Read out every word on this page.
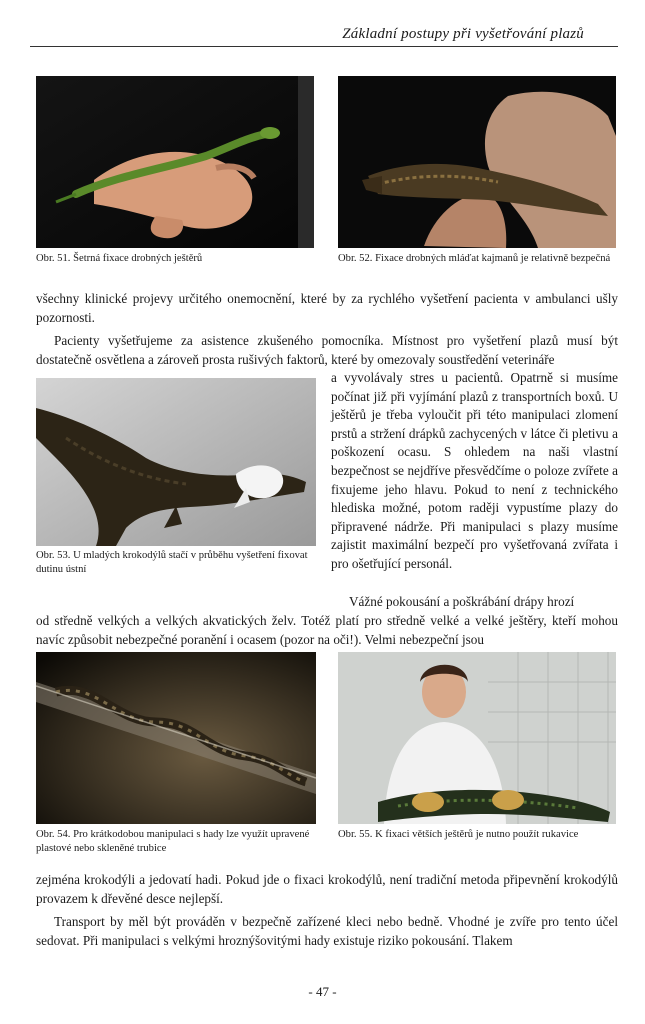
Základní postupy při vyšetřování plazů
Obr. 51. Šetrná fixace drobných ještěrů	Obr. 52. Fixace drobných mláďat kajmanů je relativně bezpečná

všechny klinické projevy určitého onemocnění, které by za rychlého vyšetření pacienta v ambulanci ušly pozornosti.

Pacienty vyšetřujeme za asistence zkušeného pomocníka. Místnost pro vyšetření plazů musí být dostatečně osvětlena a zároveň prosta rušivých faktorů, které by omezovaly soustředění veterináře

Obr. 53. U mladých krokodýlů stačí v průběhu vyšetření fixovat dutinu ústní

a vyvolávaly stres u pacientů. Opatrně si musíme počínat již při vyjímání plazů z transportních boxů. U ještěrů je třeba vyloučit při této manipulaci zlomení prstů a stržení drápků zachycených v látce či pletivu a poškození ocasu. S ohledem na naši vlastní bezpečnost se nejdříve přesvědčíme o poloze zvířete a fixujeme jeho hlavu. Pokud to není z technického hlediska možné, potom raději vypustíme plazy do připravené nádrže. Při manipulaci s plazy musíme zajistit maximální bezpečí pro vyšetřovaná zvířata i pro ošetřující personál.

Vážné pokousání a poškrábání drápy hrozí

od středně velkých a velkých akvatických želv. Totéž platí pro středně velké a velké ještěry, kteří mohou navíc způsobit nebezpečné poranění i ocasem (pozor na oči!). Velmi nebezpeční jsou

Obr. 54. Pro krátkodobou manipulaci s hady lze využít upravené plastové nebo skleněné trubice
Obr. 55. K fixaci větších ještěrů je nutno použít rukavice

zejména krokodýli a jedovatí hadi. Pokud jde o fixaci krokodýlů, není tradiční metoda připevnění krokodýlů provazem k dřevěné desce nejlepší.

Transport by měl být prováděn v bezpečně zařízené kleci nebo bedně. Vhodné je zvíře pro tento účel sedovat. Při manipulaci s velkými hroznýšovitými hady existuje riziko pokousání. Tlakem

- 47 -
